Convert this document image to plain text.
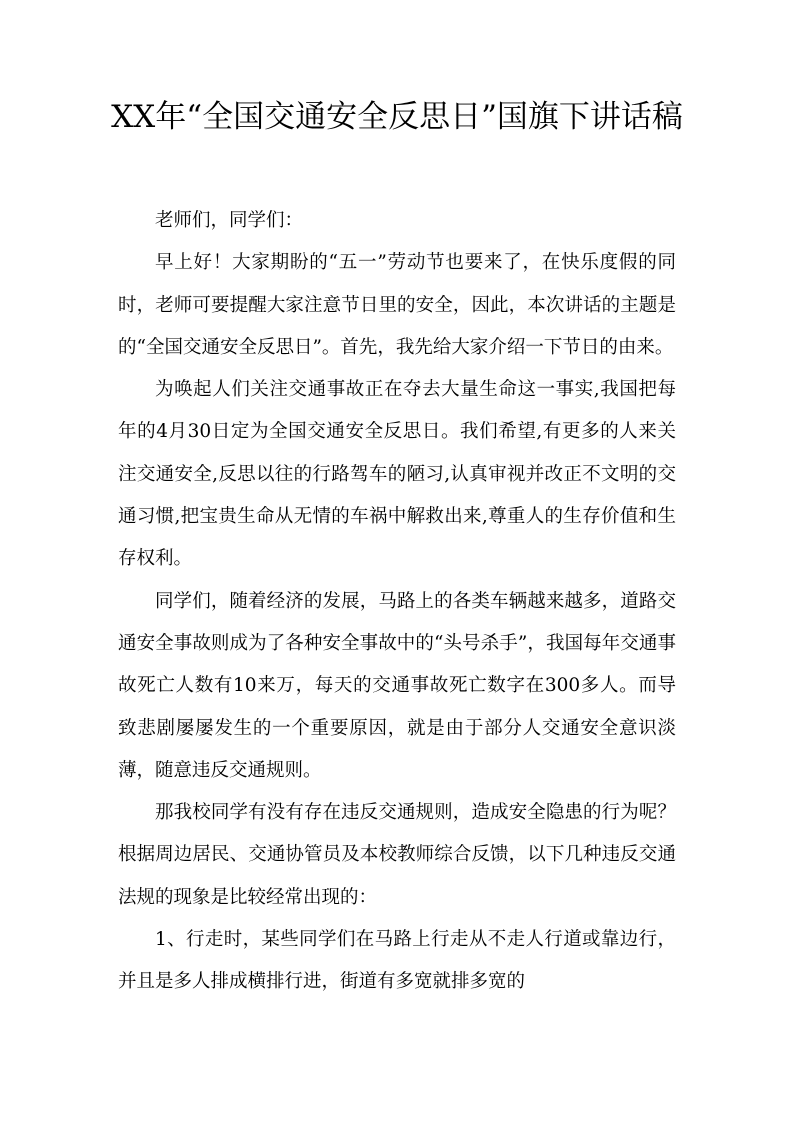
XX年“全国交通安全反思日”国旗下讲话稿

老师们，同学们：

早上好！大家期盼的“五一”劳动节也要来了，在快乐度假的同时，老师可要提醒大家注意节日里的安全，因此，本次讲话的主题是的“全国交通安全反思日”。首先，我先给大家介绍一下节日的由来。

为唤起人们关注交通事故正在夺去大量生命这一事实,我国把每年的4月30日定为全国交通安全反思日。我们希望,有更多的人来关注交通安全,反思以往的行路驾车的陋习,认真审视并改正不文明的交通习惯,把宝贵生命从无情的车祸中解救出来,尊重人的生存价值和生存权利。

同学们，随着经济的发展，马路上的各类车辆越来越多，道路交通安全事故则成为了各种安全事故中的“头号杀手”，我国每年交通事故死亡人数有10来万，每天的交通事故死亡数字在300多人。而导致悲剧屡屡发生的一个重要原因，就是由于部分人交通安全意识淡薄，随意违反交通规则。

那我校同学有没有存在违反交通规则，造成安全隐患的行为呢？根据周边居民、交通协管员及本校教师综合反馈，以下几种违反交通法规的现象是比较经常出现的：

1、行走时，某些同学们在马路上行走从不走人行道或靠边行，并且是多人排成横排行进，街道有多宽就排多宽的
